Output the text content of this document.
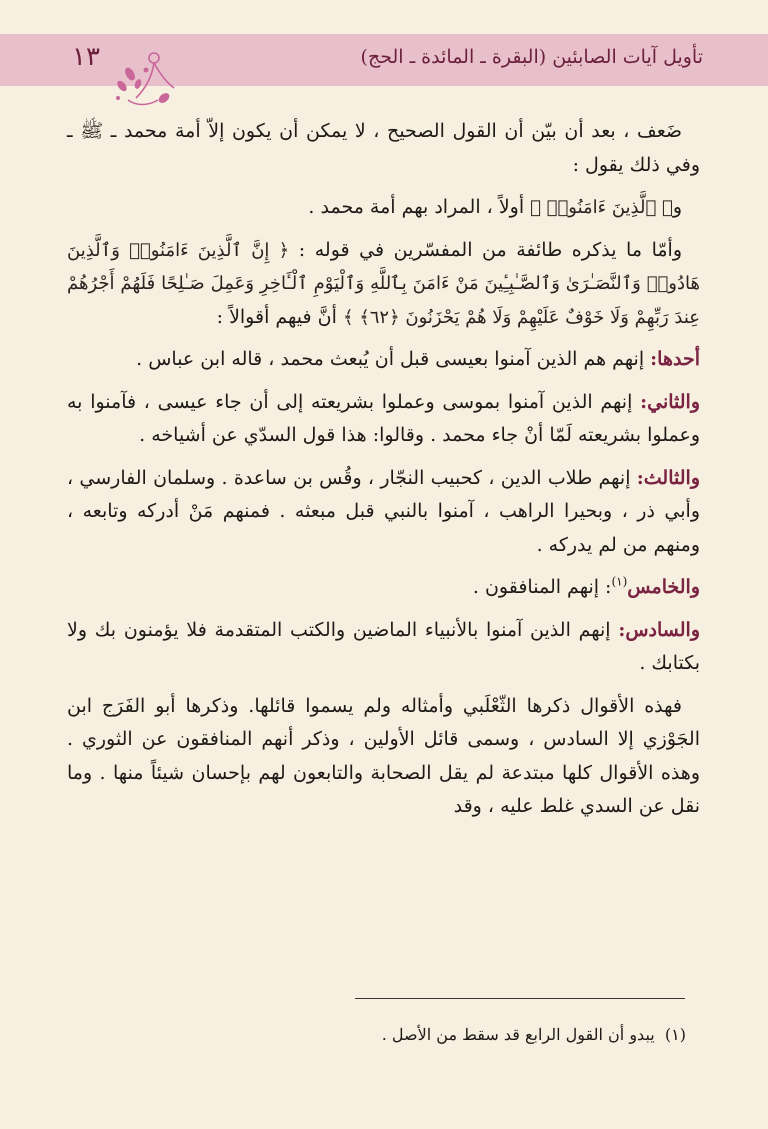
تأويل آيات الصابئين (البقرة ـ المائدة ـ الحج)
١٣

ضَعف ، بعد أن بيّن أن القول الصحيح ، لا يمكن أن يكون إلاّ أمة محمد ـ ﷺ ـ وفي ذلك يقول :

و﴿ ٱلَّذِينَ ءَامَنُوا۟ ﴾ أولاً ، المراد بهم أمة محمد .

وأمّا ما يذكره طائفة من المفسّرين في قوله : ﴿ إِنَّ ٱلَّذِينَ ءَامَنُوا۟ وَٱلَّذِينَ هَادُوا۟ وَٱلنَّصَـٰرَىٰ وَٱلصَّـٰبِـِٔينَ مَنْ ءَامَنَ بِٱللَّهِ وَٱلْيَوْمِ ٱلْـَٔاخِرِ وَعَمِلَ صَـٰلِحًا فَلَهُمْ أَجْرُهُمْ عِندَ رَبِّهِمْ وَلَا خَوْفٌ عَلَيْهِمْ وَلَا هُمْ يَحْزَنُونَ ﴿٦٢﴾ ﴾ أنَّ فيهم أقوالاً :

أحدها: إنهم هم الذين آمنوا بعيسى قبل أن يُبعث محمد ، قاله ابن عباس .

والثاني: إنهم الذين آمنوا بموسى وعملوا بشريعته إلى أن جاء عيسى ، فآمنوا به وعملوا بشريعته لَمّا أنْ جاء محمد . وقالوا: هذا قول السدّي عن أشياخه .

والثالث: إنهم طلاب الدين ، كحبيب النجّار ، وقُس بن ساعدة . وسلمان الفارسي ، وأبي ذر ، وبحيرا الراهب ، آمنوا بالنبي قبل مبعثه . فمنهم مَنْ أدركه وتابعه ، ومنهم من لم يدركه .

والخامس$^{(١)}$: إنهم المنافقون .

والسادس: إنهم الذين آمنوا بالأنبياء الماضين والكتب المتقدمة فلا يؤمنون بك ولا بكتابك .

فهذه الأقوال ذكرها الثّعْلَبي وأمثاله ولم يسموا قائلها. وذكرها أبو الفَرَج ابن الجَوْزي إلا السادس ، وسمى قائل الأولين ، وذكر أنهم المنافقون عن الثوري . وهذه الأقوال كلها مبتدعة لم يقل الصحابة والتابعون لهم بإحسان شيئاً منها . وما نقل عن السدي غلط عليه ، وقد

(١)  يبدو أن القول الرابع قد سقط من الأصل .
